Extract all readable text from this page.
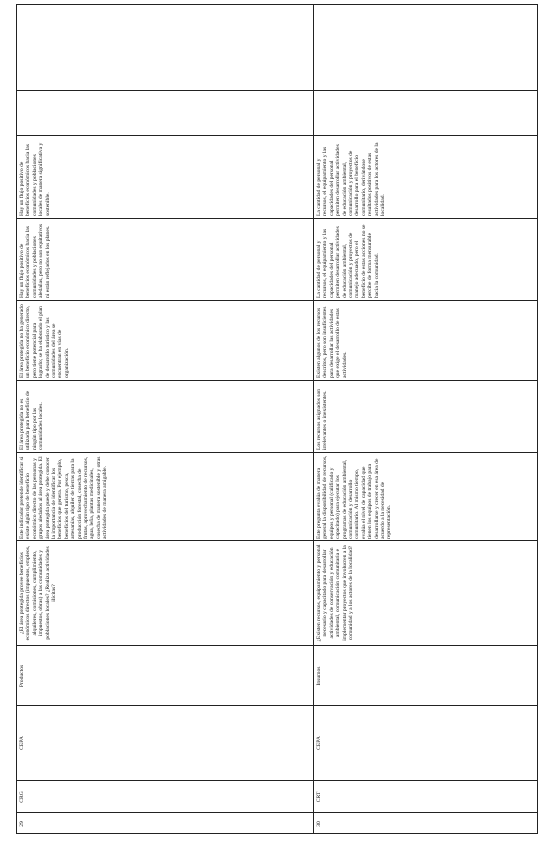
Hay un flujo positivo de beneficios económicos hacia las comunidades y poblaciones locales de manera significativa y sostenible.
Hay un flujo positivo de beneficios económicos hacia las comunidades y poblaciones aledañas, pero no son equitativos ni están reflejados en los planes.
El área protegida no ha generado un beneficio económico directo, pero tiene potencial para lograrlo; se ha elaborado el plan de desarrollo turístico y las comunidades del área se encuentran en vías de organización.
El área protegida no es utilizada para beneficio de ningún tipo por las comunidades locales.
Este indicador pretende identificar si existe algún tipo de beneficio económico directo de las personas y grupos aledaños al área protegida. El área protegida puede y debe conocer la importancia de identificar los beneficios que genera. Por ejemplo, beneficios del turismo, pesca, artesanías, alquiler de tierras para la producción forestal, cosecha de frutas, aprovechamiento de recursos, agua, leña, plantas medicinales, cosecha de manera sostenible y otras actividades de manera amigable.
¿El área protegida provee beneficios económicos directos (impuestos, empleos, alquileres, comisiones, cumplimiento, impuestos, obras) a las comunidades y poblaciones locales? ¿Realiza actividades ilícitas?
Productos
CEPA
CRG
29
La cantidad de personal y recursos, el equipamiento y las capacidades del personal permiten desarrollar actividades de educación ambiental, comunicación y proyectos de desarrollo para el beneficio comunitario, derivándose resultados positivos de estas actividades para los actores de la localidad.
La cantidad de personal y recursos, el equipamiento y las capacidades del personal permiten desarrollar actividades de educación ambiental, comunicación y proyectos de manejo adecuado, pero el beneficio de estas acciones no se percibe de forma mensurable hacia la comunidad.
Existen algunos de los recursos descritos, pero son insuficientes para desarrollar las actividades que exige el desarrollo de estas actividades.
Los recursos asignados son irrelevantes o inexistentes.
Este pregunta evalúa de manera general la disponibilidad de recursos, equipos y personal (calificado y capacitado) para ejecutar los programas de educación ambiental, comunicación y desarrollo comunitario. Al mismo tiempo, evalúa el nivel de capacidad que tienen los equipos de trabajo para desarrollarse y crecer en esa área de acuerdo a la necesidad de representación.
¿Existen recursos, equipamiento y personal necesario y capacitado para desarrollar actividades de conservación y educación ambiental, comunicación comunitaria e implementar proyectos que involucren a la comunidad y a los actores de la localidad?
Insumos
CEPA
CRT
30
